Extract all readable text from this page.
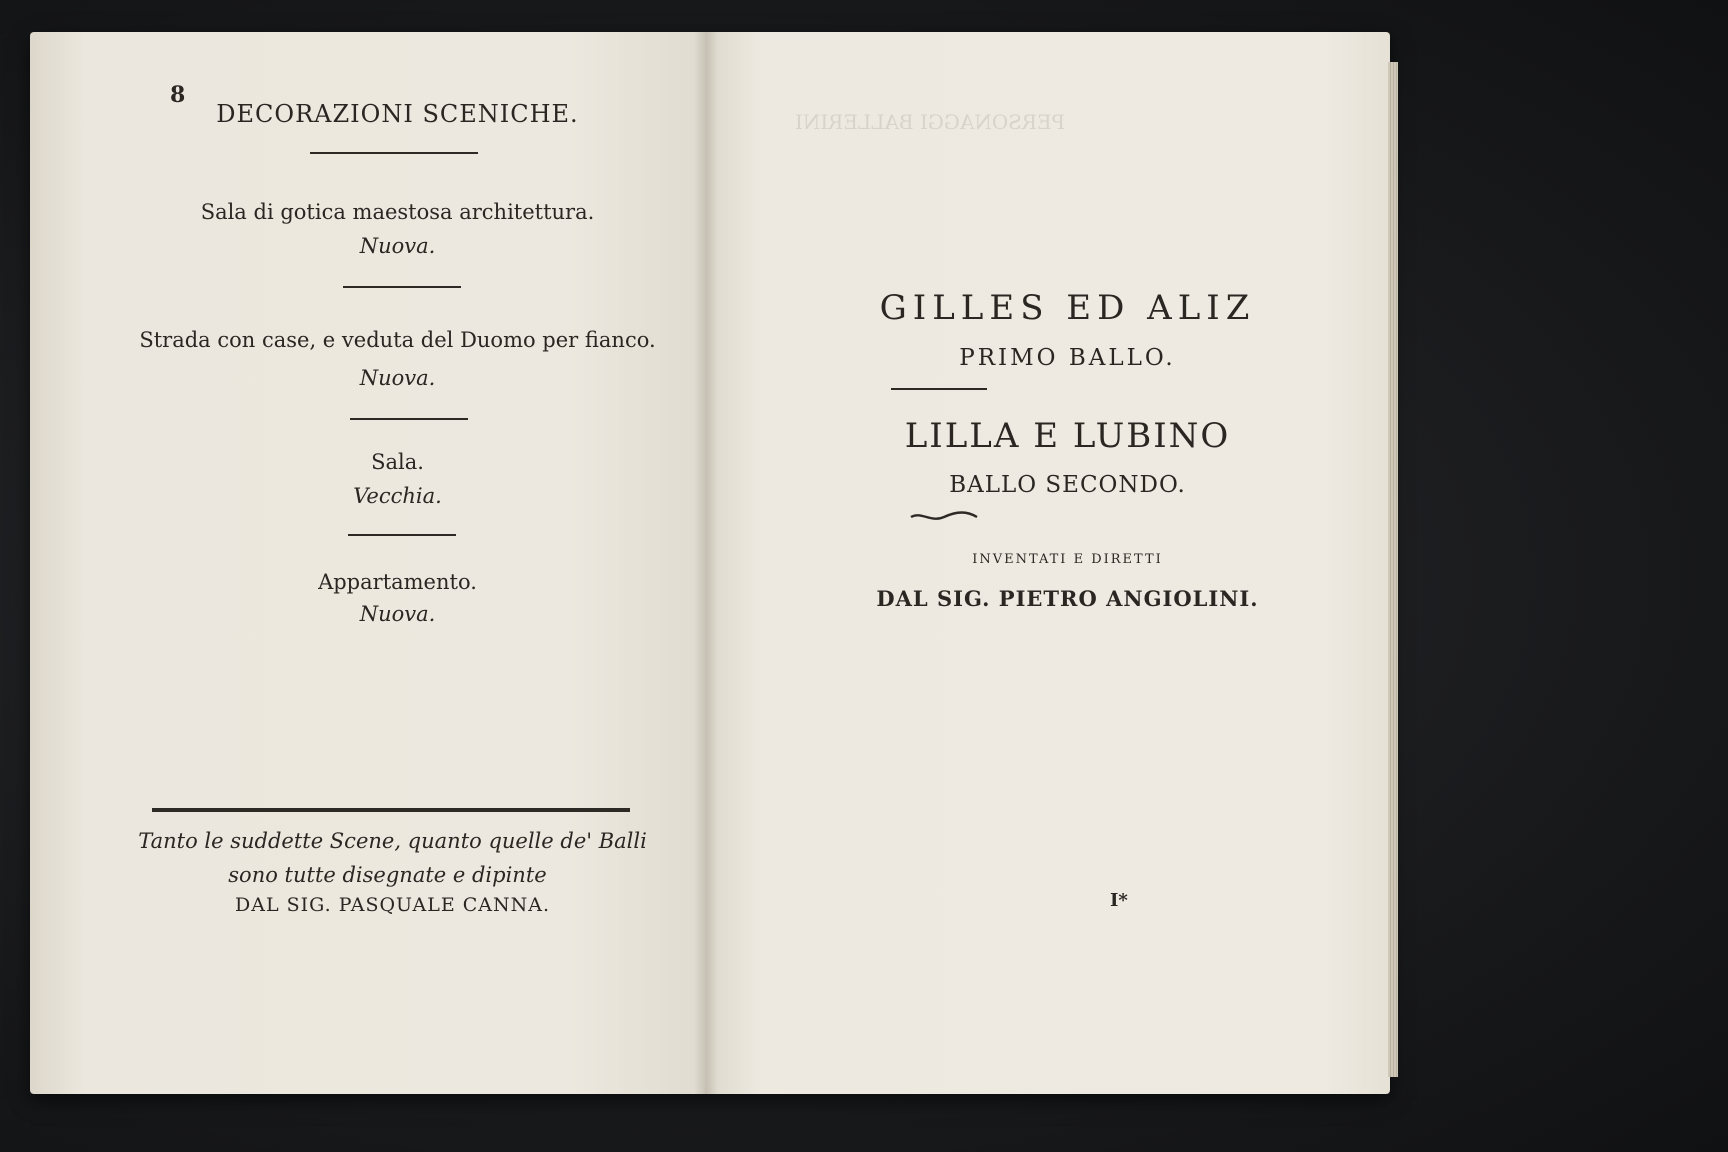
8
DECORAZIONI SCENICHE.
Sala di gotica maestosa architettura.
Nuova.
Strada con case, e veduta del Duomo per fianco.
Nuova.
Sala.
Vecchia.
Appartamento.
Nuova.
Tanto le suddette Scene, quanto quelle de' Balli
sono tutte disegnate e dipinte
DAL SIG. PASQUALE CANNA.
PERSONAGGI BALLERINI
GILLES ED ALIZ
PRIMO BALLO.
LILLA E LUBINO
BALLO SECONDO.
INVENTATI E DIRETTI
DAL SIG. PIETRO ANGIOLINI.
I*
